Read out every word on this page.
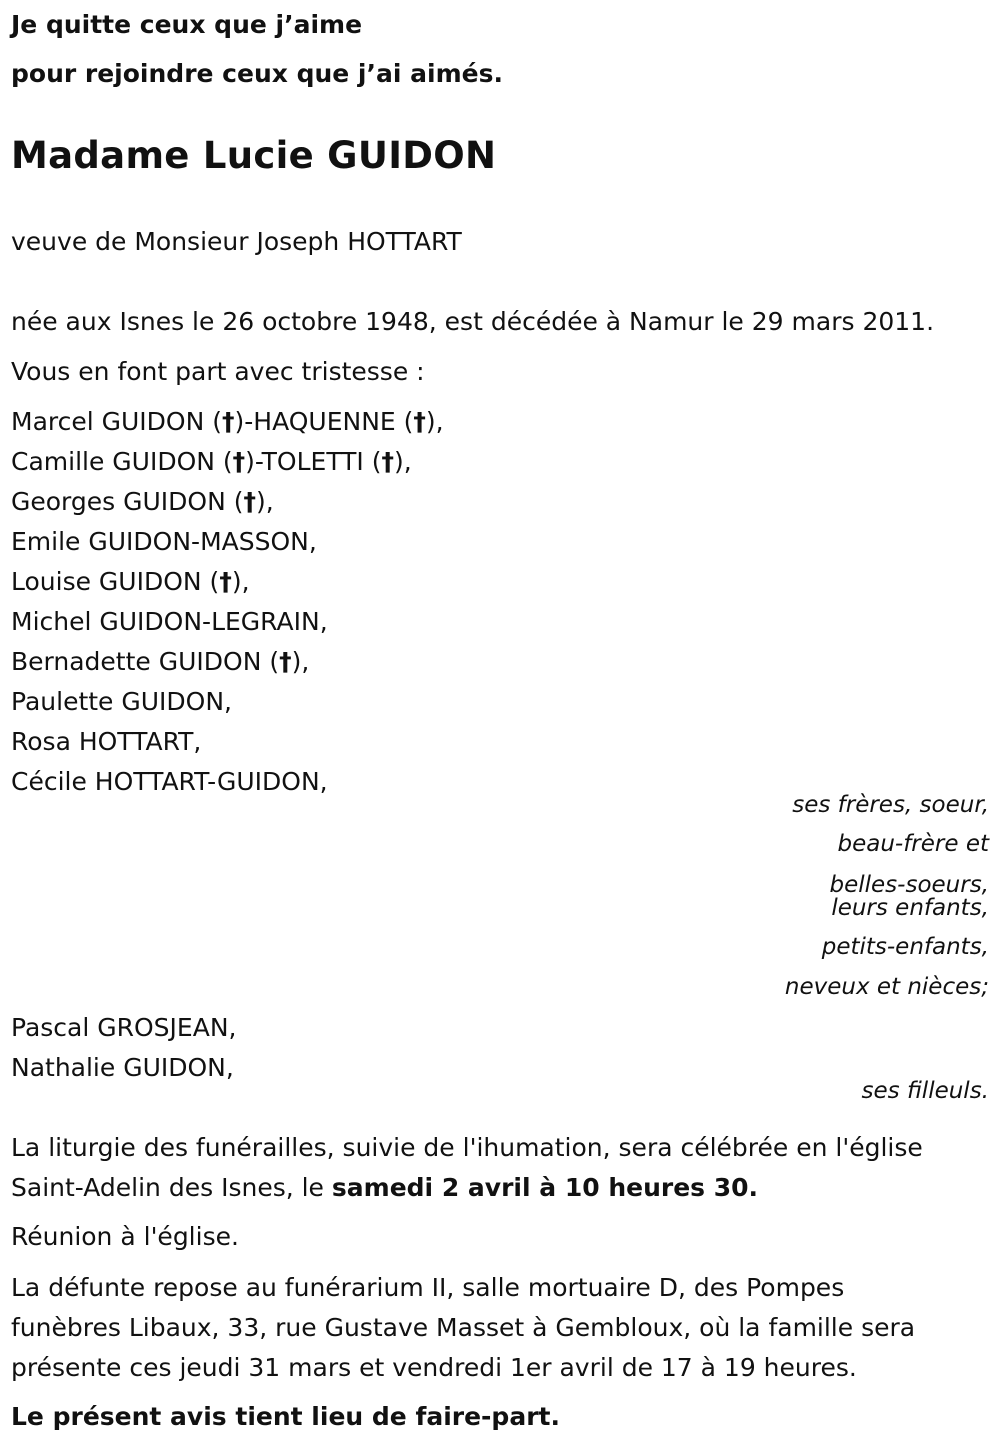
Je quitte ceux que j’aime

pour rejoindre ceux que j’ai aimés.

Madame Lucie GUIDON

veuve de Monsieur Joseph HOTTART

née aux Isnes le 26 octobre 1948, est décédée à Namur le 29 mars 2011.

Vous en font part avec tristesse :

Marcel GUIDON (†)-HAQUENNE (†),
Camille GUIDON (†)-TOLETTI (†),
Georges GUIDON (†),
Emile GUIDON-MASSON,
Louise GUIDON (†),
Michel GUIDON-LEGRAIN,
Bernadette GUIDON (†),
Paulette GUIDON,
Rosa HOTTART,
Cécile HOTTART-GUIDON,

ses frères, soeur,

beau-frère et

belles-soeurs,

leurs enfants,

petits-enfants,

neveux et nièces;

Pascal GROSJEAN,
Nathalie GUIDON,

ses filleuls.

La liturgie des funérailles, suivie de l'ihumation, sera célébrée en l'église
Saint-Adelin des Isnes, le samedi 2 avril à 10 heures 30.

Réunion à l'église.

La défunte repose au funérarium II, salle mortuaire D, des Pompes
funèbres Libaux, 33, rue Gustave Masset à Gembloux, où la famille sera
présente ces jeudi 31 mars et vendredi 1er avril de 17 à 19 heures.

Le présent avis tient lieu de faire-part.
